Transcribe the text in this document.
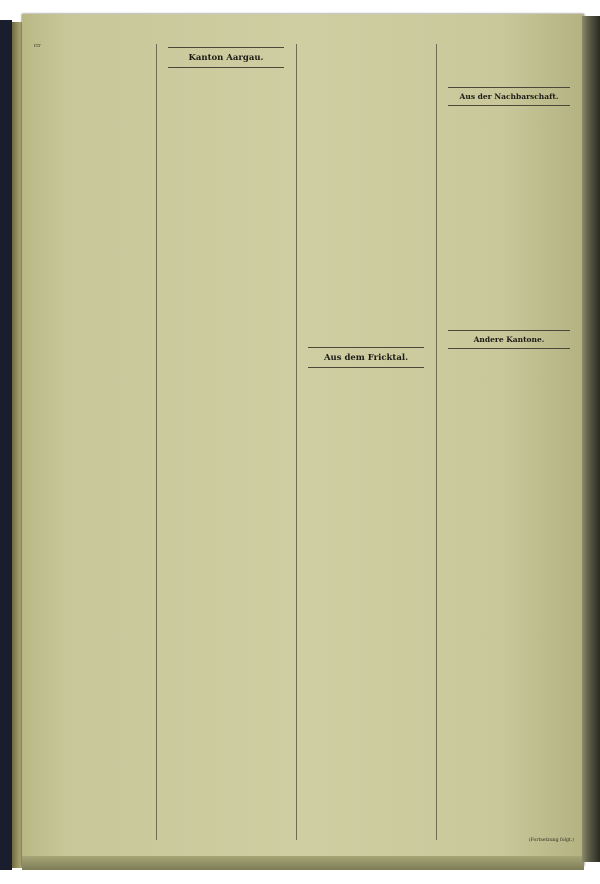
rrr

Kanton Aargau.
Aus dem Fricktal.
Aus der Nachbarschaft.
Andere Kantone.
(Fortsetzung folgt.)
